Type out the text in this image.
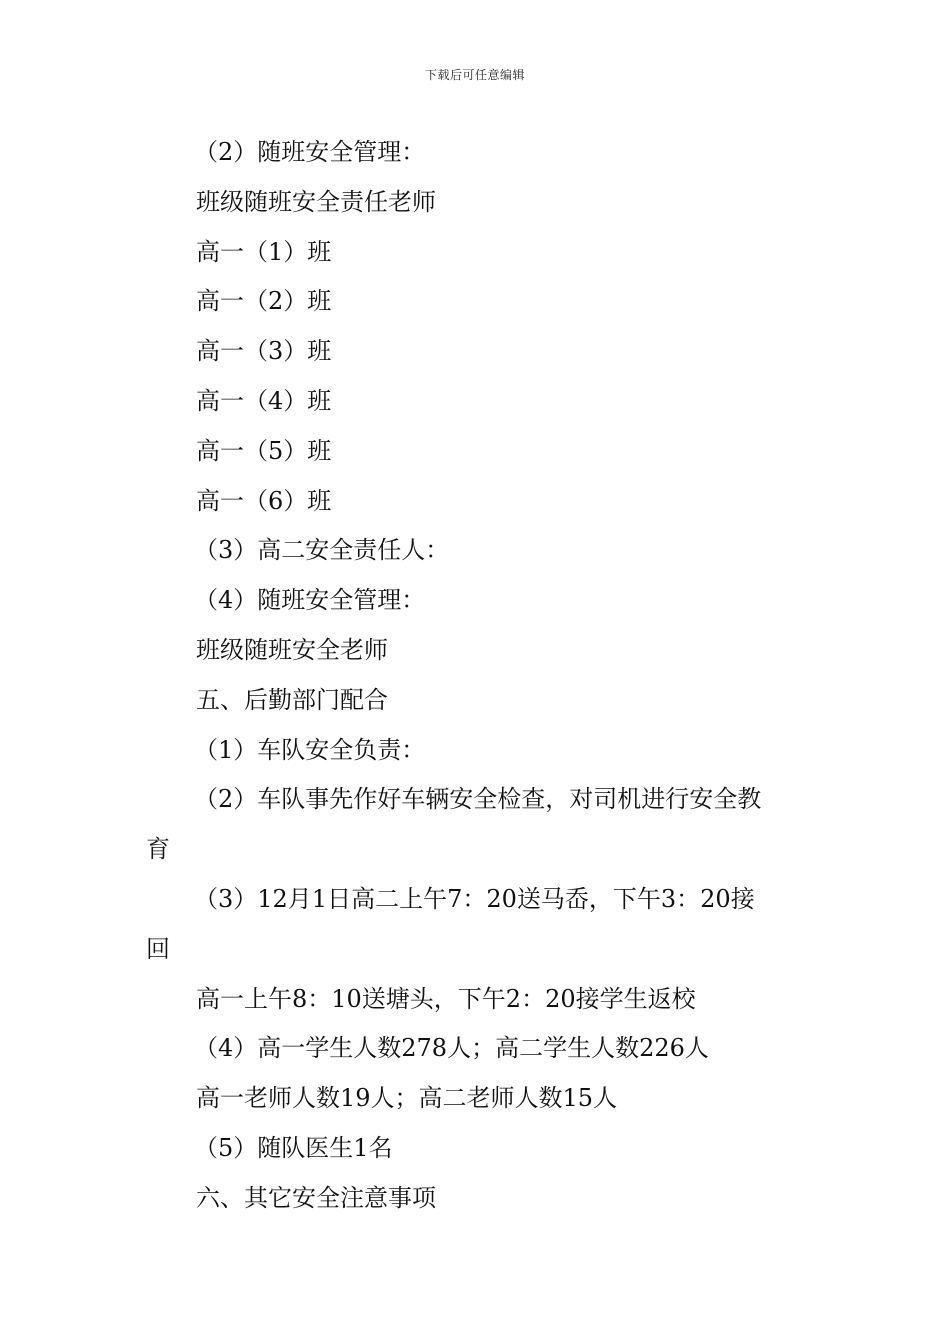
下载后可任意编辑
（2）随班安全管理：
班级随班安全责任老师
高一（1）班
高一（2）班
高一（3）班
高一（4）班
高一（5）班
高一（6）班
（3）高二安全责任人：
（4）随班安全管理：
班级随班安全老师
五、后勤部门配合
（1）车队安全负责：
（2）车队事先作好车辆安全检查，对司机进行安全教
育
（3）12月1日高二上午7：20送马岙，下午3：20接
回
高一上午8：10送塘头，下午2：20接学生返校
（4）高一学生人数278人；高二学生人数226人
高一老师人数19人；高二老师人数15人
（5）随队医生1名
六、其它安全注意事项
